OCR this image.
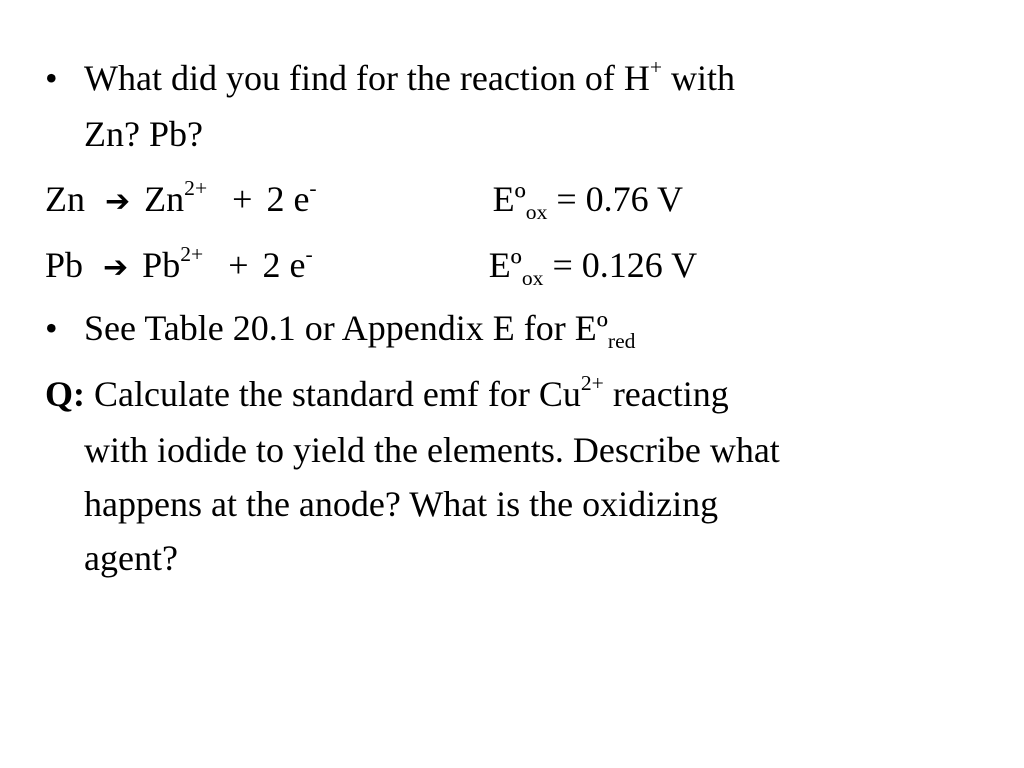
• What did you find for the reaction of H+ with
Zn? Pb?
Zn ➔ $Zn^{2+} + 2$ e-	Eº$_{ox}$ = 0.76 V
Pb ➔ $Pb^{2+} + 2$ e-	Eº$_{ox}$ = 0.126 V
• See Table 20.1 or Appendix E for Eº$_{red}$
Q: Calculate the standard emf for $Cu^{2+}$ reacting
with iodide to yield the elements. Describe what
happens at the anode? What is the oxidizing
agent?
